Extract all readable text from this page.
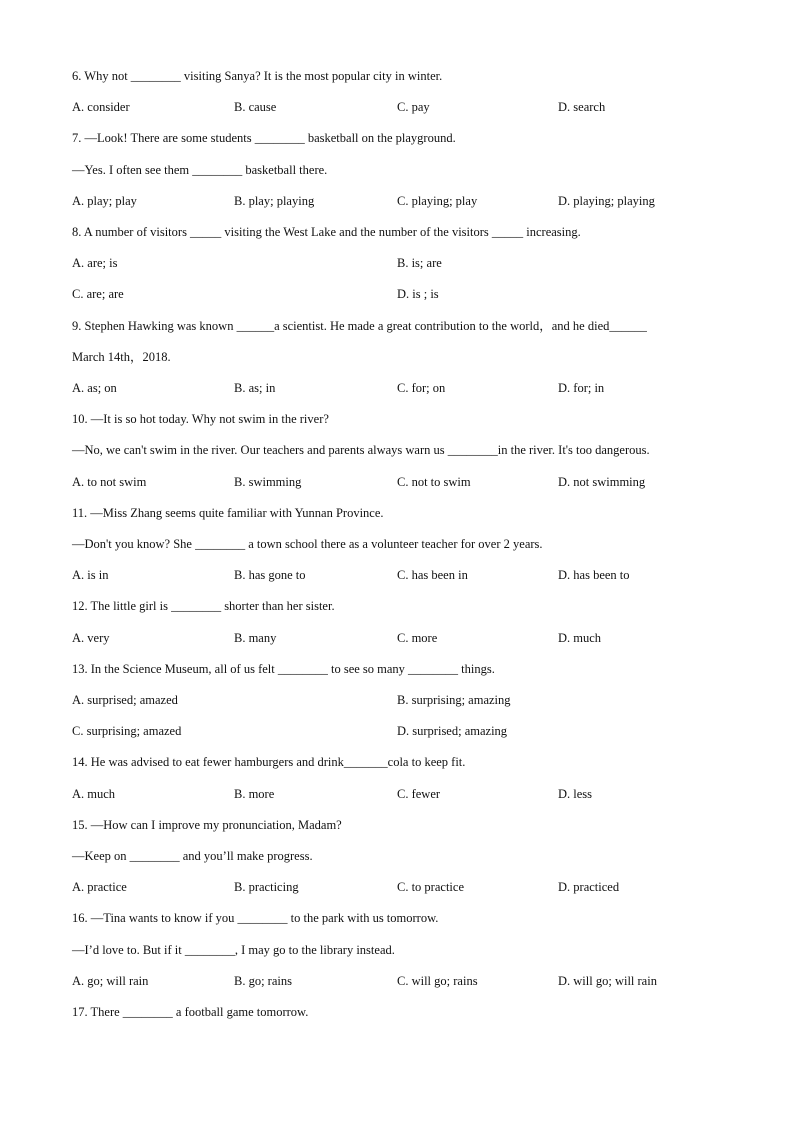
6. Why not ________ visiting Sanya? It is the most popular city in winter.
A. consider	B. cause	C. pay	D. search
7. —Look! There are some students ________ basketball on the playground.
—Yes. I often see them ________ basketball there.
A. play; play	B. play; playing	C. playing; play	D. playing; playing
8. A number of visitors _____ visiting the West Lake and the number of the visitors _____ increasing.
A. are; is	B. is; are
C. are; are	D. is ; is
9. Stephen Hawking was known ______a scientist. He made a great contribution to the world，and he died______
March 14th，2018.
A. as; on	B. as; in	C. for; on	D. for; in
10. —It is so hot today. Why not swim in the river?
—No, we can't swim in the river. Our teachers and parents always warn us ________in the river. It's too dangerous.
A. to not swim	B. swimming	C. not to swim	D. not swimming
11. —Miss Zhang seems quite familiar with Yunnan Province.
—Don't you know? She ________ a town school there as a volunteer teacher for over 2 years.
A. is in	B. has gone to	C. has been in	D. has been to
12. The little girl is ________ shorter than her sister.
A. very	B. many	C. more	D. much
13. In the Science Museum, all of us felt ________ to see so many ________ things.
A. surprised; amazed	B. surprising; amazing
C. surprising; amazed	D. surprised; amazing
14. He was advised to eat fewer hamburgers and drink_______cola to keep fit.
A. much	B. more	C. fewer	D. less
15. —How can I improve my pronunciation, Madam?
—Keep on ________ and you’ll make progress.
A. practice	B. practicing	C. to practice	D. practiced
16. —Tina wants to know if you ________ to the park with us tomorrow.
—I’d love to. But if it ________, I may go to the library instead.
A. go; will rain	B. go; rains	C. will go; rains	D. will go; will rain
17. There ________ a football game tomorrow.
